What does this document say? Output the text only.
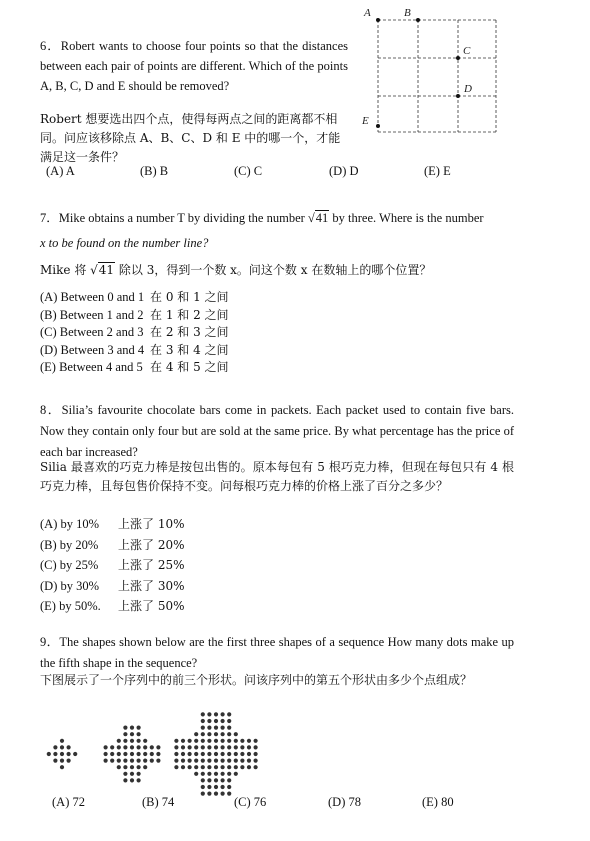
6．Robert wants to choose four points so that the distances between each pair of points are different. Which of the points A, B, C, D and E should be removed?

Robert 想要选出四个点，使得每两点之间的距离都不相同。问应该移除点 A、B、C、D 和 E 中的哪一个，才能满足这一条件？
(A) A	(B) B	(C) C	(D) D	(E) E
A	B
C
D
E
7．Mike obtains a number T by dividing the number √41 by three. Where is the number
x to be found on the number line?
Mike 将 √41 除以 3，得到一个数 x。问这个数 x 在数轴上的哪个位置？
(A) Between 0 and 1 在 0 和 1 之间
(B) Between 1 and 2 在 1 和 2 之间
(C) Between 2 and 3 在 2 和 3 之间
(D) Between 3 and 4 在 3 和 4 之间
(E) Between 4 and 5 在 4 和 5 之间
8．Silia’s favourite chocolate bars come in packets. Each packet used to contain five bars. Now they contain only four but are sold at the same price. By what percentage has the price of each bar increased?
Silia 最喜欢的巧克力棒是按包出售的。原本每包有 5 根巧克力棒，但现在每包只有 4 根巧克力棒，且每包售价保持不变。问每根巧克力棒的价格上涨了百分之多少？
(A) by 10% 上涨了 10%
(B) by 20% 上涨了 20%
(C) by 25% 上涨了 25%
(D) by 30% 上涨了 30%
(E) by 50%. 上涨了 50%
9．The shapes shown below are the first three shapes of a sequence How many dots make up the fifth shape in the sequence?
下图展示了一个序列中的前三个形状。问该序列中的第五个形状由多少个点组成？
(A) 72	(B) 74	(C) 76	(D) 78	(E) 80
